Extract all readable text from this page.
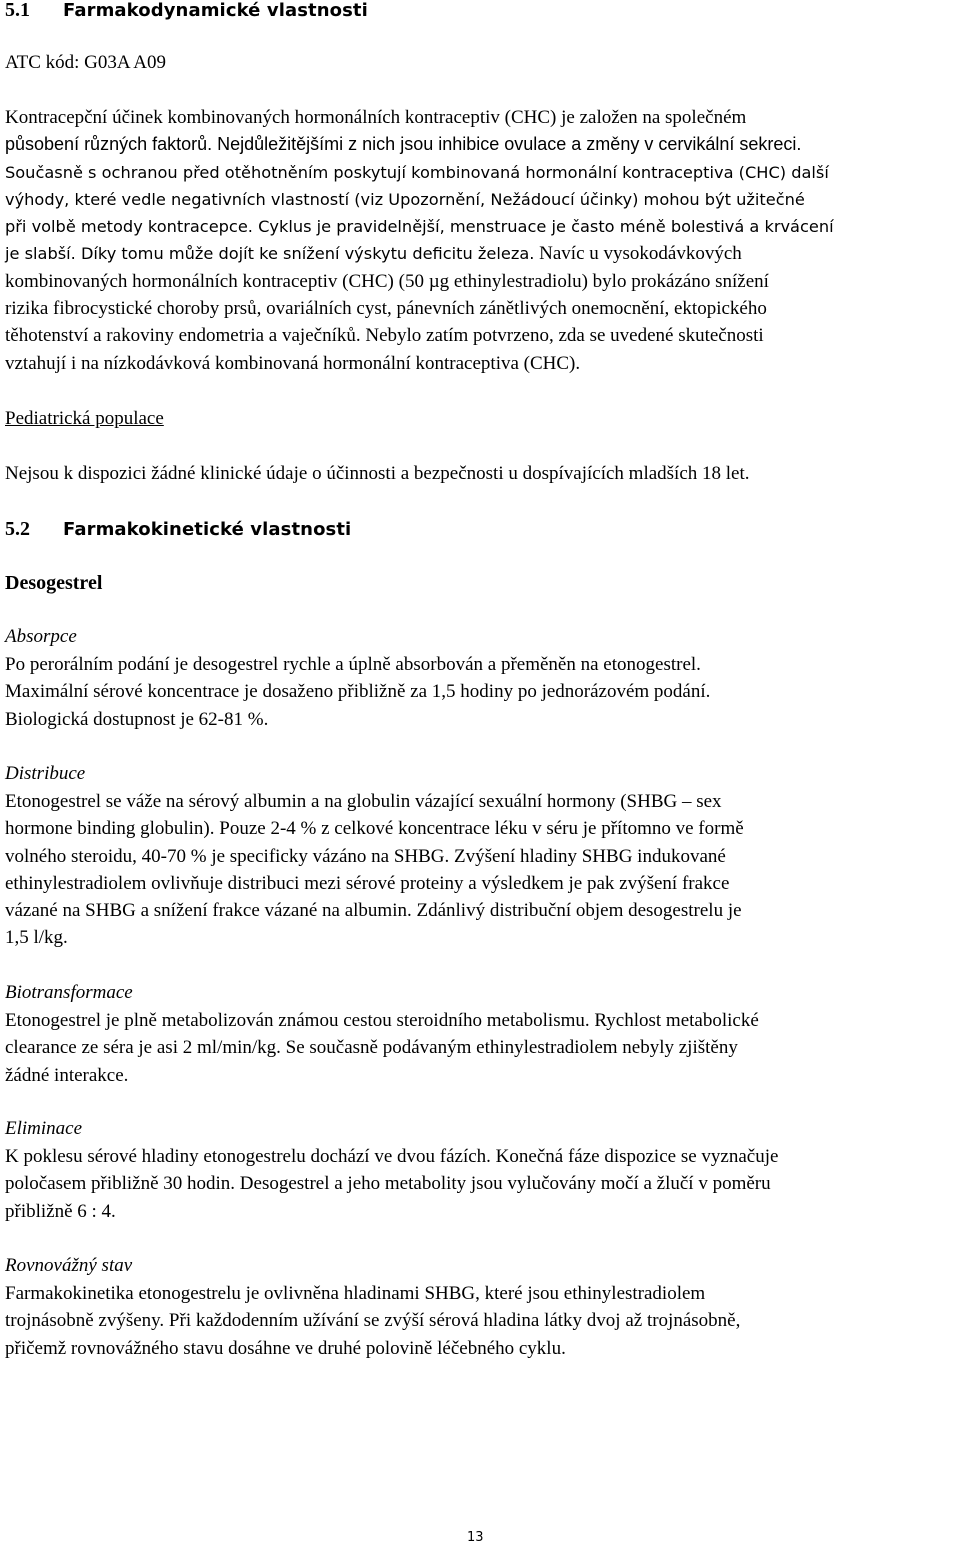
5.1 Farmakodynamické vlastnosti
ATC kód: G03A A09
Kontracepční účinek kombinovaných hormonálních kontraceptiv (CHC) je založen na společném
působení různých faktorů. Nejdůležitějšími z nich jsou inhibice ovulace a změny v cervikální sekreci.
Současně s ochranou před otěhotněním poskytují kombinovaná hormonální kontraceptiva (CHC) další
výhody, které vedle negativních vlastností (viz Upozornění, Nežádoucí účinky) mohou být užitečné
při volbě metody kontracepce. Cyklus je pravidelnější, menstruace je často méně bolestivá a krvácení
je slabší. Díky tomu může dojít ke snížení výskytu deficitu železa. Navíc u vysokodávkových
kombinovaných hormonálních kontraceptiv (CHC) (50 µg ethinylestradiolu) bylo prokázáno snížení
rizika fibrocystické choroby prsů, ovariálních cyst, pánevních zánětlivých onemocnění, ektopického
těhotenství a rakoviny endometria a vaječníků. Nebylo zatím potvrzeno, zda se uvedené skutečnosti
vztahují i na nízkodávková kombinovaná hormonální kontraceptiva (CHC).
Pediatrická populace
Nejsou k dispozici žádné klinické údaje o účinnosti a bezpečnosti u dospívajících mladších 18 let.
5.2 Farmakokinetické vlastnosti
Desogestrel
Absorpce
Po perorálním podání je desogestrel rychle a úplně absorbován a přeměněn na etonogestrel.
Maximální sérové koncentrace je dosaženo přibližně za 1,5 hodiny po jednorázovém podání.
Biologická dostupnost je 62-81 %.
Distribuce
Etonogestrel se váže na sérový albumin a na globulin vázající sexuální hormony (SHBG – sex
hormone binding globulin). Pouze 2-4 % z celkové koncentrace léku v séru je přítomno ve formě
volného steroidu, 40-70 % je specificky vázáno na SHBG. Zvýšení hladiny SHBG indukované
ethinylestradiolem ovlivňuje distribuci mezi sérové proteiny a výsledkem je pak zvýšení frakce
vázané na SHBG a snížení frakce vázané na albumin. Zdánlivý distribuční objem desogestrelu je
1,5 l/kg.
Biotransformace
Etonogestrel je plně metabolizován známou cestou steroidního metabolismu. Rychlost metabolické
clearance ze séra je asi 2 ml/min/kg. Se současně podávaným ethinylestradiolem nebyly zjištěny
žádné interakce.
Eliminace
K poklesu sérové hladiny etonogestrelu dochází ve dvou fázích. Konečná fáze dispozice se vyznačuje
poločasem přibližně 30 hodin. Desogestrel a jeho metabolity jsou vylučovány močí a žlučí v poměru
přibližně 6 : 4.
Rovnovážný stav
Farmakokinetika etonogestrelu je ovlivněna hladinami SHBG, které jsou ethinylestradiolem
trojnásobně zvýšeny. Při každodenním užívání se zvýší sérová hladina látky dvoj až trojnásobně,
přičemž rovnovážného stavu dosáhne ve druhé polovině léčebného cyklu.
13
